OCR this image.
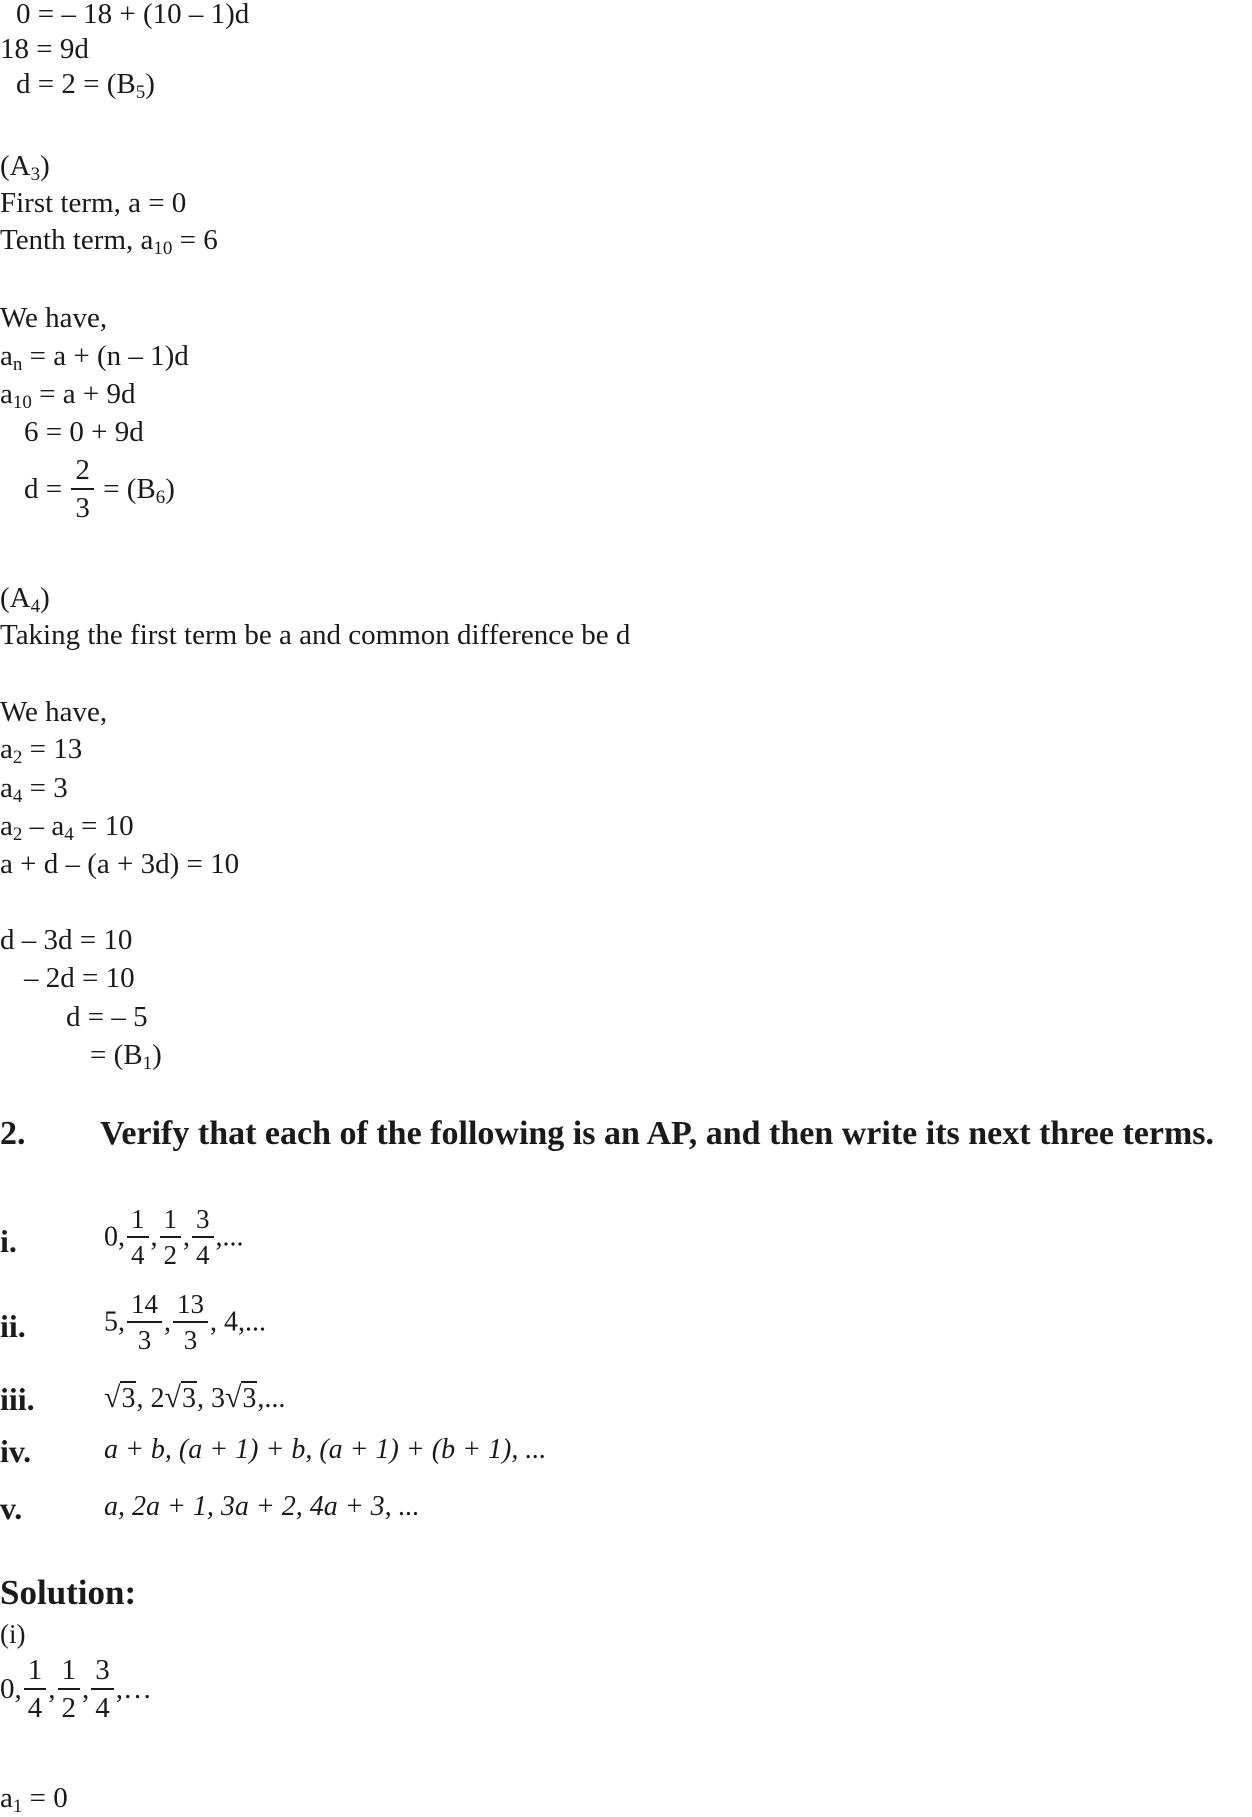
0 = – 18 + (10 – 1)d
18 = 9d
$d = 2 = (B_5)$
$(A_3)$
First term, a = 0
Tenth term, $a_{10} = 6$
We have,
$a_n = a + (n - 1)d$
$a_{10} = a + 9d$
6 = 0 + 9d
$d = \frac{2}{3} = (B_6)$
$(A_4)$
Taking the first term be a and common difference be d
We have,
$a_2 = 13$
$a_4 = 3$
$a_2 - a_4 = 10$
a + d – (a + 3d) = 10
d – 3d = 10
– 2d = 10
d = – 5
= $(B_1)$
2. Verify that each of the following is an AP, and then write its next three terms.
i.	0, $\frac{1}{4}$ , $\frac{1}{2}$ , $\frac{3}{4}$ ,...
ii.	5, $\frac{14}{3}$ , $\frac{13}{3}$ , 4,...
iii. √3, 2√3, 3√3,...
iv.	a + b, (a + 1) + b, (a + 1) + (b + 1), ...
v.	a, 2a + 1, 3a + 2, 4a + 3, ...
Solution:
(i)
0, $\frac{1}{4}$ , $\frac{1}{2}$ , $\frac{3}{4}$ ,…
$a_1 = 0$
